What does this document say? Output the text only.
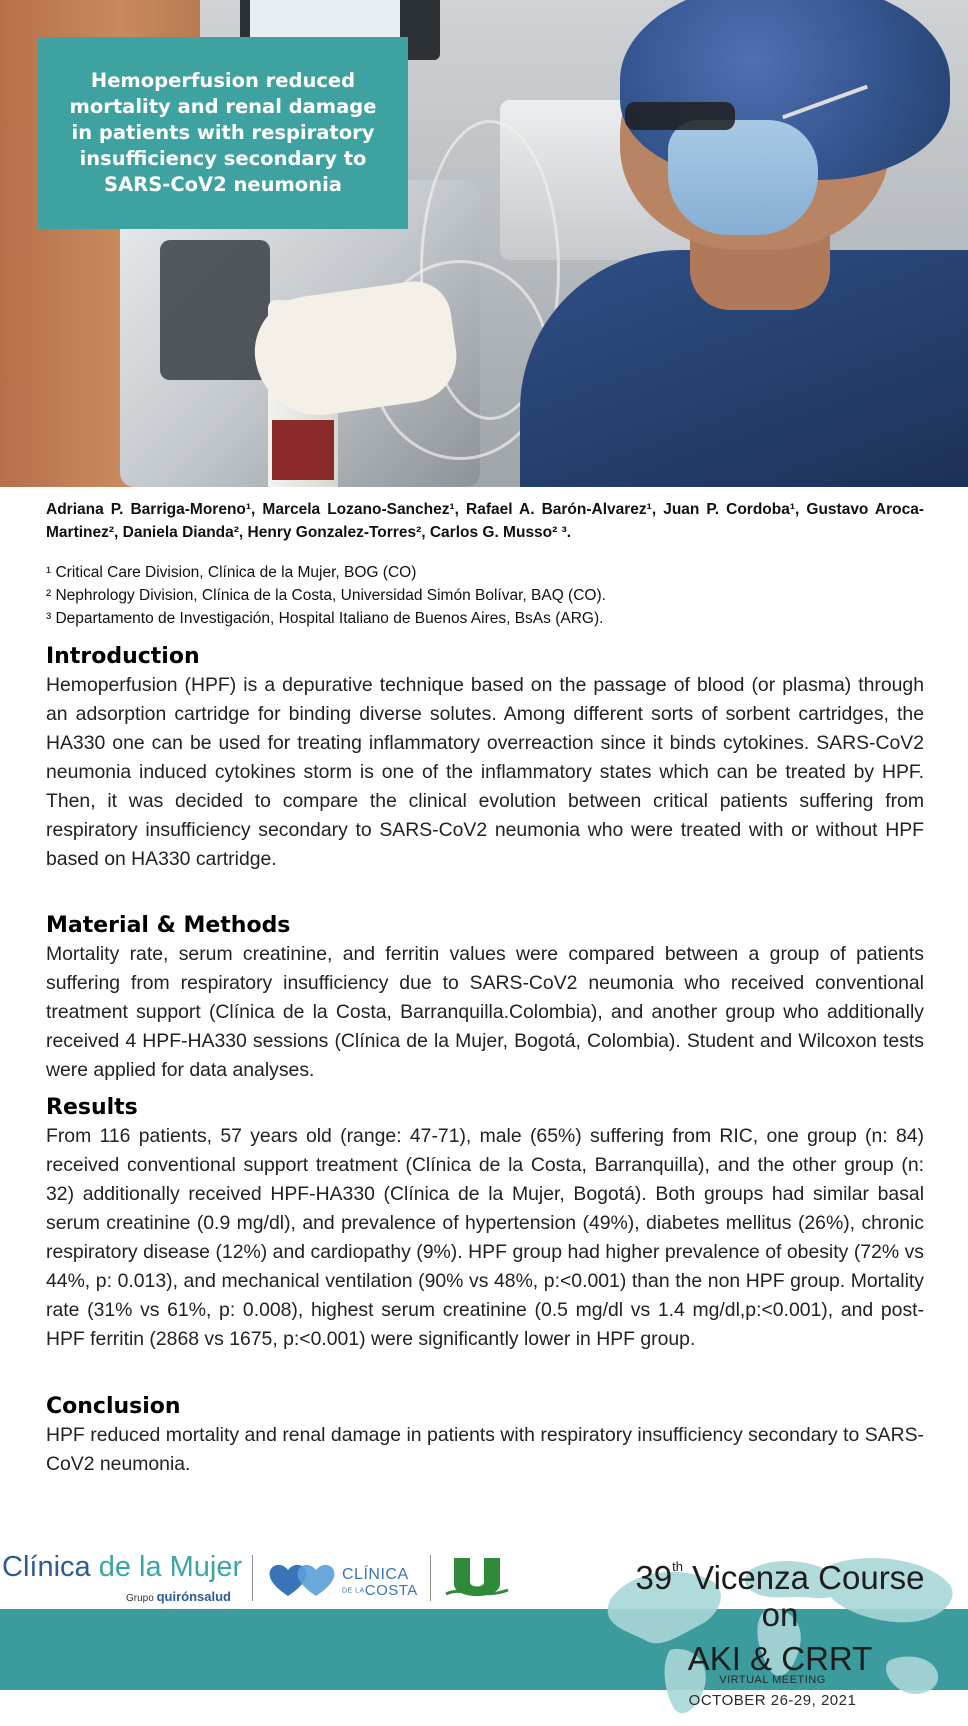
Hemoperfusion reduced mortality and renal damage in patients with respiratory insufficiency secondary to SARS-CoV2 neumonia
Adriana P. Barriga-Moreno¹, Marcela Lozano-Sanchez¹, Rafael A. Barón-Alvarez¹, Juan P. Cordoba¹, Gustavo Aroca-Martinez², Daniela Dianda², Henry Gonzalez-Torres², Carlos G. Musso² ³.
¹ Critical Care Division, Clínica de la Mujer, BOG (CO)
² Nephrology Division, Clínica de la Costa, Universidad Simón Bolívar, BAQ (CO).
³ Departamento de Investigación, Hospital Italiano de Buenos Aires, BsAs (ARG).
Introduction

Hemoperfusion (HPF) is a depurative technique based on the passage of blood (or plasma) through an adsorption cartridge for binding diverse solutes. Among different sorts of sorbent cartridges, the HA330 one can be used for treating inflammatory overreaction since it binds cytokines. SARS-CoV2 neumonia induced cytokines storm is one of the inflammatory states which can be treated by HPF. Then, it was decided to compare the clinical evolution between critical patients suffering from respiratory insufficiency secondary to SARS-CoV2 neumonia who were treated with or without HPF based on HA330 cartridge.

Material & Methods

Mortality rate, serum creatinine, and ferritin values were compared between a group of patients suffering from respiratory insufficiency due to SARS-CoV2 neumonia who received conventional treatment support (Clínica de la Costa, Barranquilla.Colombia), and another group who additionally received 4 HPF-HA330 sessions (Clínica de la Mujer, Bogotá, Colombia). Student and Wilcoxon tests were applied for data analyses.

Results

From 116 patients, 57 years old (range: 47-71), male (65%) suffering from RIC, one group (n: 84) received conventional support treatment (Clínica de la Costa, Barranquilla), and the other group (n: 32) additionally received HPF-HA330 (Clínica de la Mujer, Bogotá). Both groups had similar basal serum creatinine (0.9 mg/dl), and prevalence of hypertension (49%), diabetes mellitus (26%), chronic respiratory disease (12%) and cardiopathy (9%). HPF group had higher prevalence of obesity (72% vs 44%, p: 0.013), and mechanical ventilation (90% vs 48%, p:<0.001) than the non HPF group. Mortality rate (31% vs 61%, p: 0.008), highest serum creatinine (0.5 mg/dl vs 1.4 mg/dl,p:<0.001), and post-HPF ferritin (2868 vs 1675, p:<0.001) were significantly lower in HPF group.

Conclusion

HPF reduced mortality and renal damage in patients with respiratory insufficiency secondary to SARS-CoV2 neumonia.

Clínica de la Mujer
Grupo quirónsalud
CLÍNICA
DE LACOSTA	39th Vicenza Course
on
AKI & CRRT
VIRTUAL MEETING
OCTOBER 26-29, 2021
